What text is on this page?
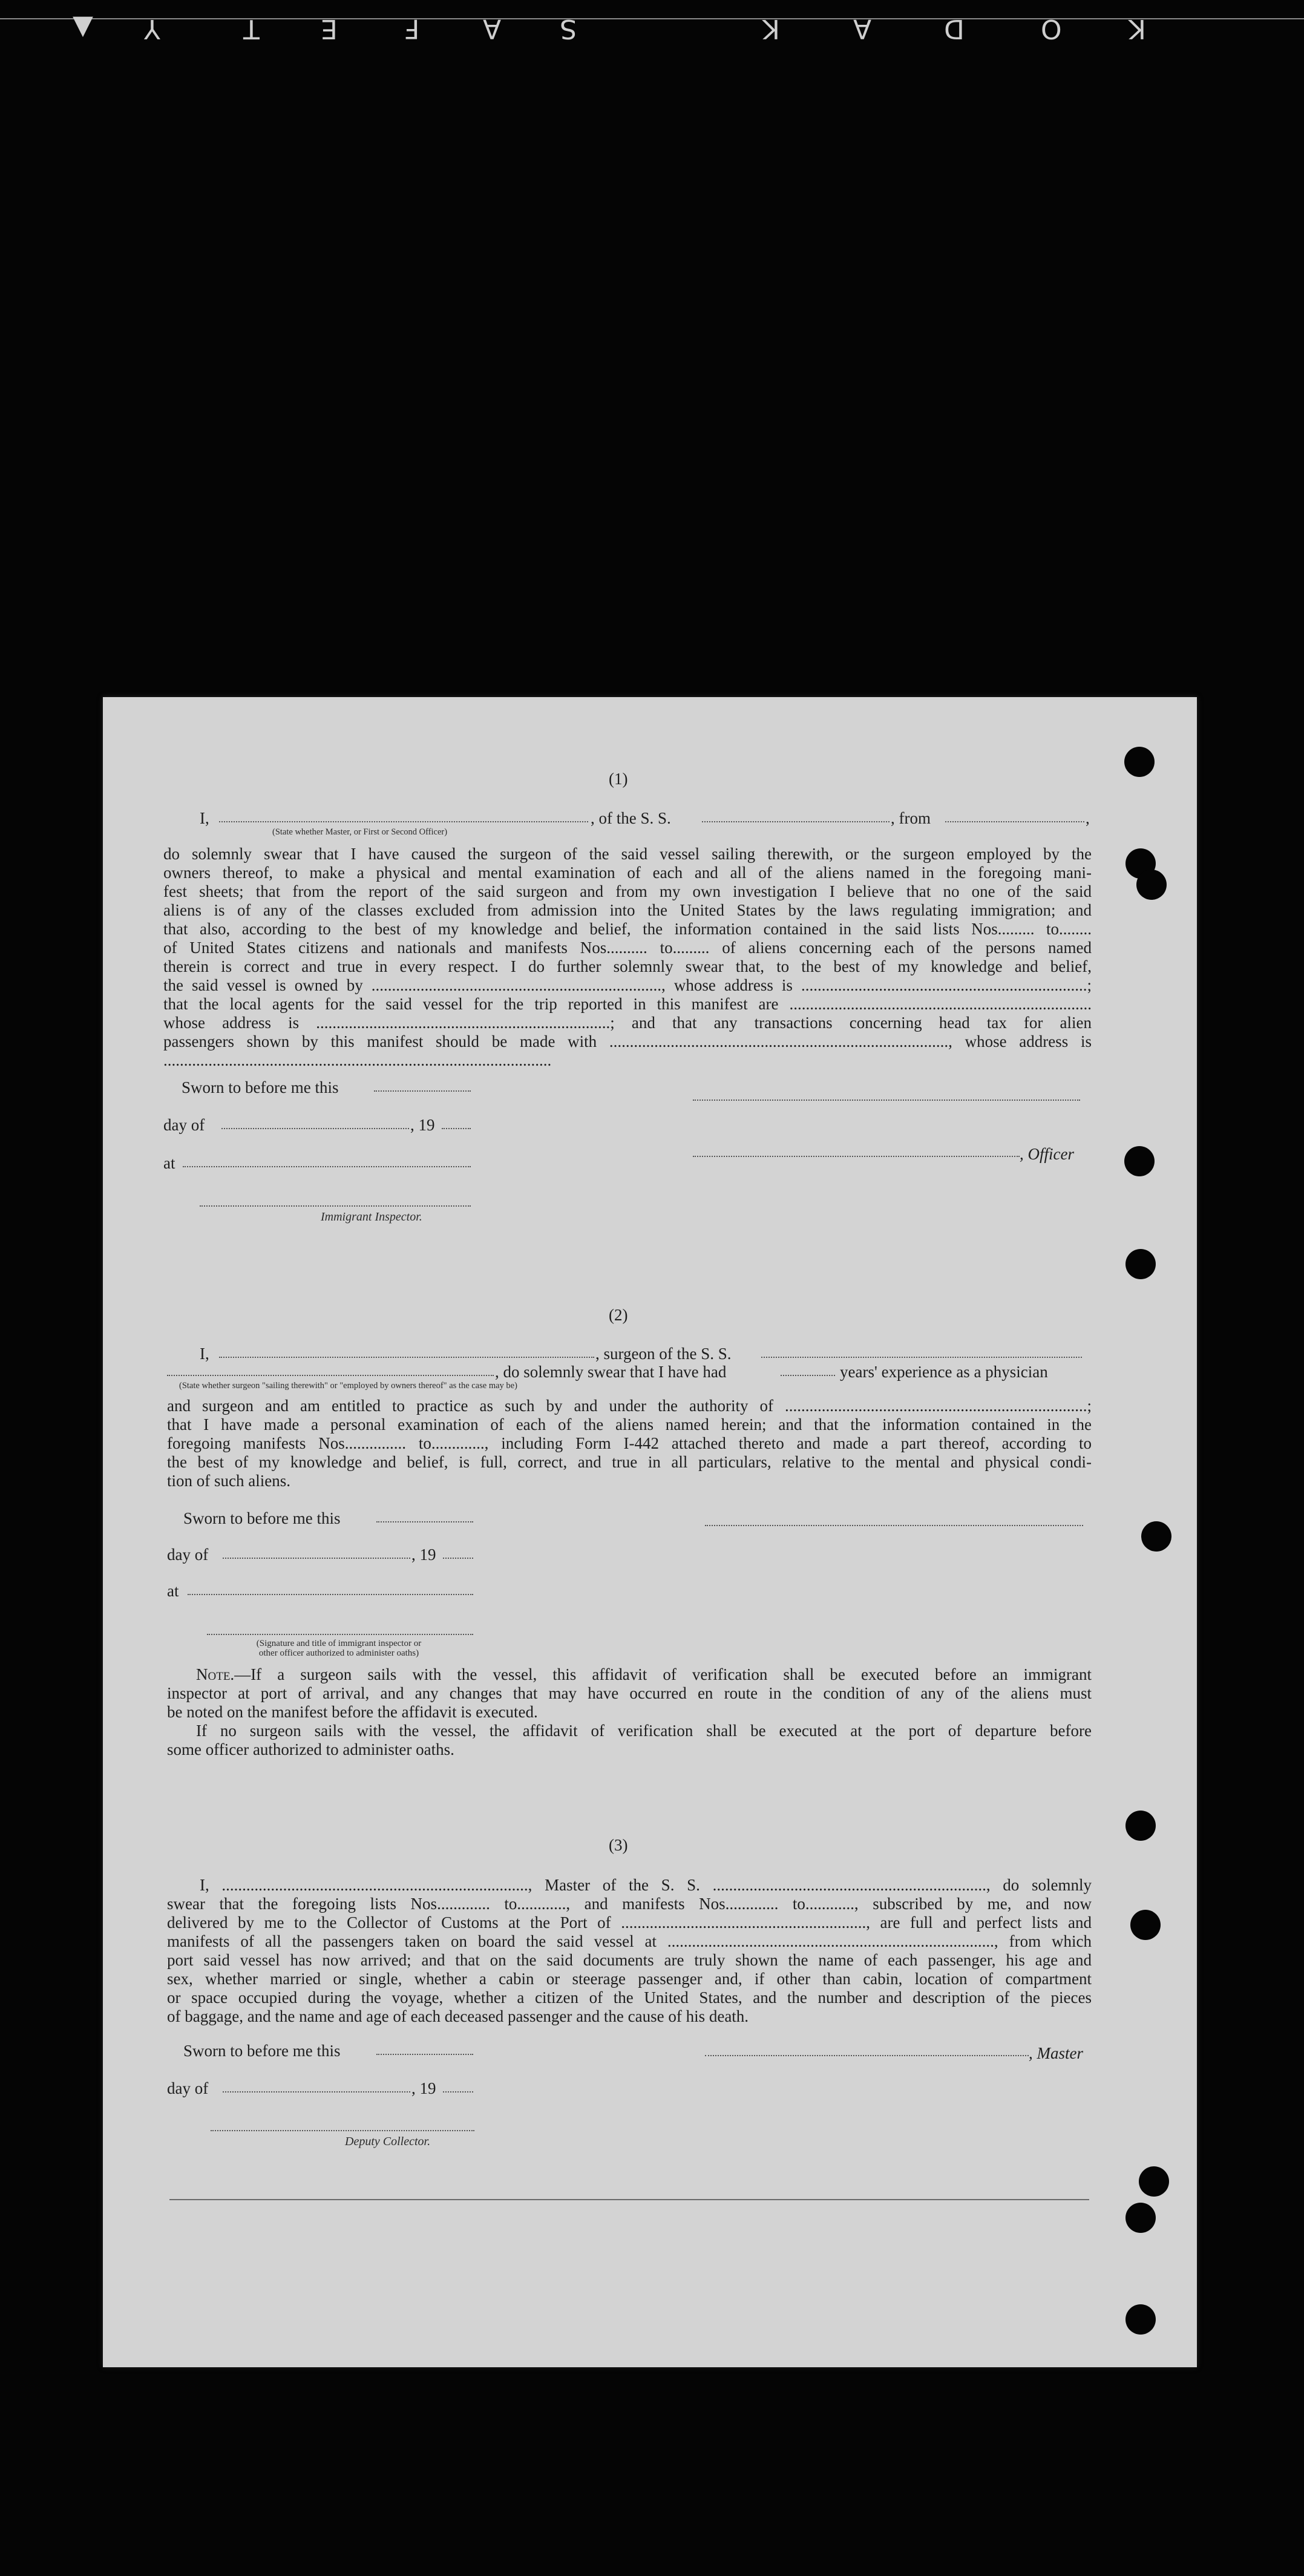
▲ Y	T E	F A S	K	A	D	O	K
(1)
I,	, of the S. S.	, from	,
(State whether Master, or First or Second Officer)
do solemnly swear that I have caused the surgeon of the said vessel sailing therewith, or the surgeon employed by the
owners thereof, to make a physical and mental examination of each and all of the aliens named in the foregoing mani-
fest sheets; that from the report of the said surgeon and from my own investigation I believe that no one of the said
aliens is of any of the classes excluded from admission into the United States by the laws regulating immigration; and
that also, according to the best of my knowledge and belief, the information contained in the said lists Nos......... to........
of United States citizens and nationals and manifests Nos.......... to......... of aliens concerning each of the persons named
therein is correct and true in every respect. I do further solemnly swear that, to the best of my knowledge and belief,
the said vessel is owned by ......................................................................., whose address is ......................................................................;
that the local agents for the said vessel for the trip reported in this manifest are ..........................................................................
whose address is ........................................................................; and that any transactions concerning head tax for alien
passengers shown by this manifest should be made with ..................................................................................., whose address is
...............................................................................................
Sworn to before me this
day of	, 19
, Officer
at
Immigrant Inspector.
(2)
I,	, surgeon of the S. S.
, do solemnly swear that I have had	years' experience as a physician
(State whether surgeon "sailing therewith" or "employed by owners thereof" as the case may be)
and surgeon and am entitled to practice as such by and under the authority of ..........................................................................;
that I have made a personal examination of each of the aliens named herein; and that the information contained in the
foregoing manifests Nos............... to............., including Form I-442 attached thereto and made a part thereof, according to
the best of my knowledge and belief, is full, correct, and true in all particulars, relative to the mental and physical condi-
tion of such aliens.
Sworn to before me this
day of	, 19
at
(Signature and title of immigrant inspector or
other officer authorized to administer oaths)
Note.—If a surgeon sails with the vessel, this affidavit of verification shall be executed before an immigrant
inspector at port of arrival, and any changes that may have occurred en route in the condition of any of the aliens must
be noted on the manifest before the affidavit is executed.
If no surgeon sails with the vessel, the affidavit of verification shall be executed at the port of departure before
some officer authorized to administer oaths.
(3)
I, ..........................................................................., Master of the S. S. ..................................................................., do solemnly
swear that the foregoing lists Nos............. to............, and manifests Nos............. to............, subscribed by me, and now
delivered by me to the Collector of Customs at the Port of ............................................................, are full and perfect lists and
manifests of all the passengers taken on board the said vessel at ................................................................................, from which
port said vessel has now arrived; and that on the said documents are truly shown the name of each passenger, his age and
sex, whether married or single, whether a cabin or steerage passenger and, if other than cabin, location of compartment
or space occupied during the voyage, whether a citizen of the United States, and the number and description of the pieces
of baggage, and the name and age of each deceased passenger and the cause of his death.
Sworn to before me this	, Master
day of	, 19
Deputy Collector.
